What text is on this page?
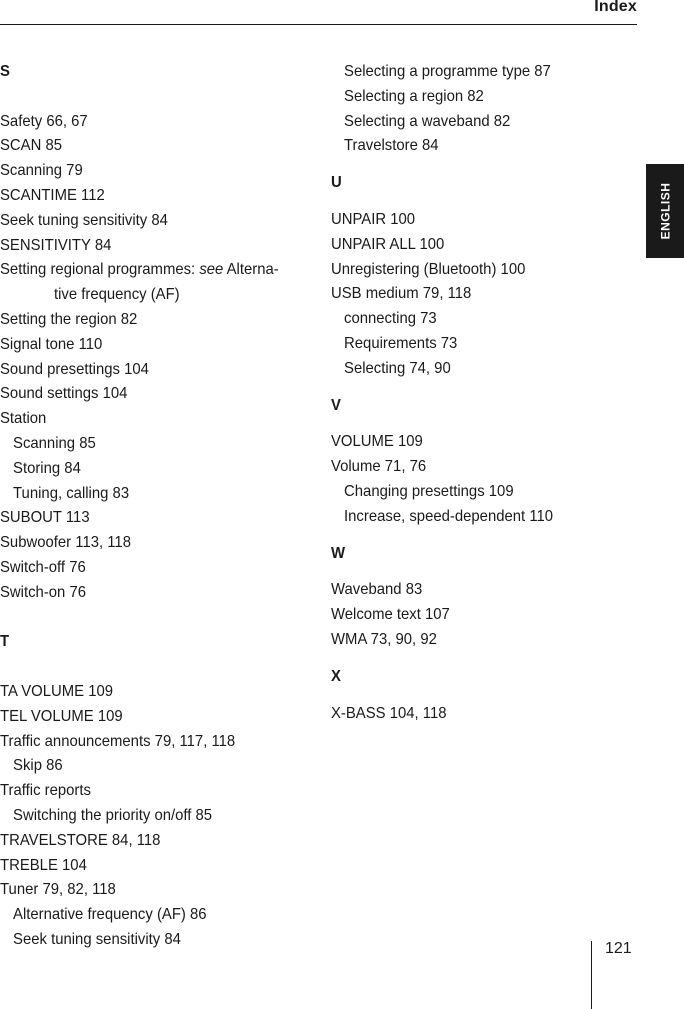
Index
ENGLISH

S

Safety 66, 67

SCAN 85

Scanning 79

SCANTIME 112

Seek tuning sensitivity 84

SENSITIVITY 84

Setting regional programmes: see Alterna-
tive frequency (AF)

Setting the region 82

Signal tone 110

Sound presettings 104

Sound settings 104

Station

Scanning 85

Storing 84

Tuning, calling 83

SUBOUT 113

Subwoofer 113, 118

Switch-off 76

Switch-on 76

T

TA VOLUME 109

TEL VOLUME 109

Traffic announcements 79, 117, 118

Skip 86

Traffic reports

Switching the priority on/off 85

TRAVELSTORE 84, 118

TREBLE 104

Tuner 79, 82, 118

Alternative frequency (AF) 86

Seek tuning sensitivity 84

Selecting a programme type 87

Selecting a region 82

Selecting a waveband 82

Travelstore 84

U

UNPAIR 100

UNPAIR ALL 100

Unregistering (Bluetooth) 100

USB medium 79, 118

connecting 73

Requirements 73

Selecting 74, 90

V

VOLUME 109

Volume 71, 76

Changing presettings 109

Increase, speed-dependent 110

W

Waveband 83

Welcome text 107

WMA 73, 90, 92

X

X-BASS 104, 118

121
